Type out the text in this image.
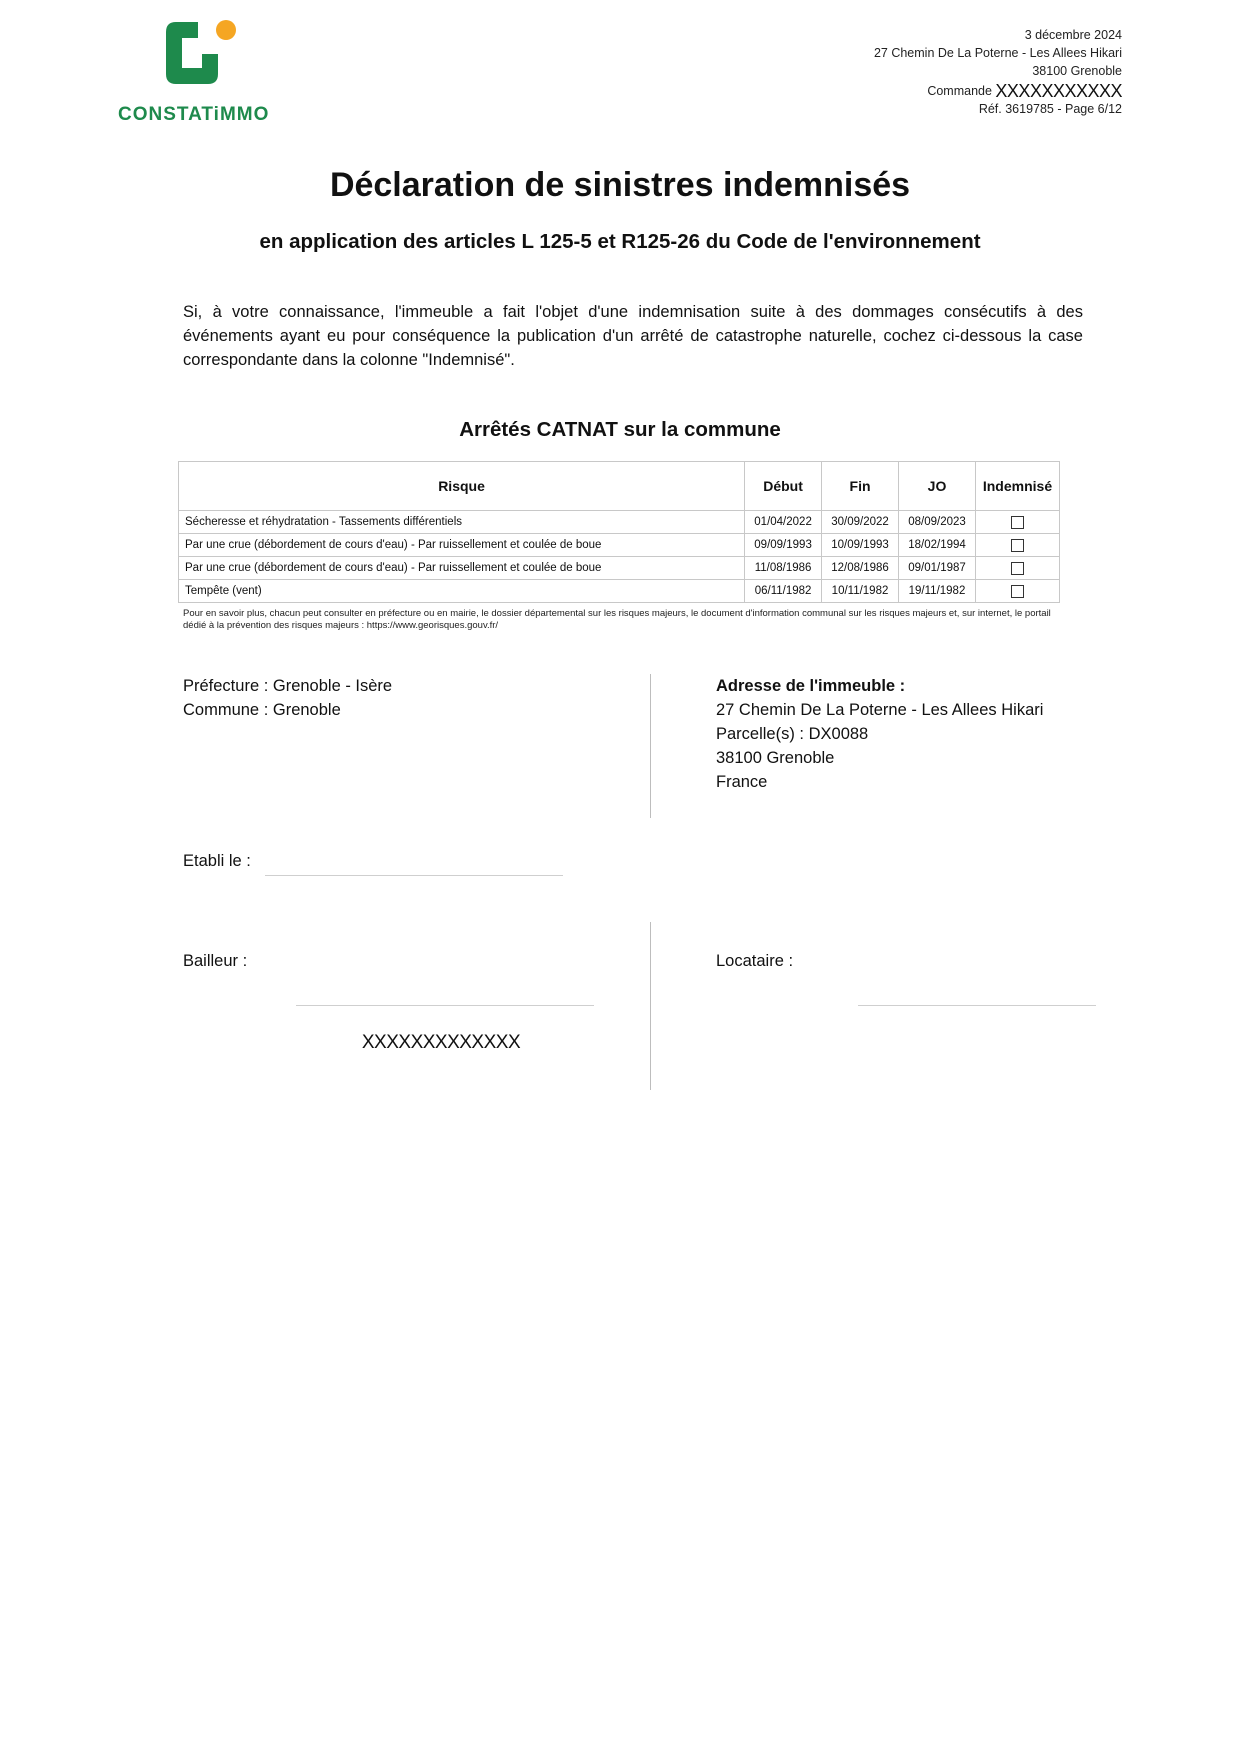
CONSTATiMMO
3 décembre 2024
27 Chemin De La Poterne - Les Allees Hikari
38100 Grenoble
Commande XXXXXXXXXXX
Réf. 3619785 - Page 6/12
Déclaration de sinistres indemnisés
en application des articles L 125-5 et R125-26 du Code de l'environnement
Si, à votre connaissance, l'immeuble a fait l'objet d'une indemnisation suite à des dommages consécutifs à des événements ayant eu pour conséquence la publication d'un arrêté de catastrophe naturelle, cochez ci-dessous la case correspondante dans la colonne "Indemnisé".
Arrêtés CATNAT sur la commune
Risque	Début	Fin	JO	Indemnisé
Sécheresse et réhydratation - Tassements différentiels	01/04/2022	30/09/2022	08/09/2023	
Par une crue (débordement de cours d'eau) - Par ruissellement et coulée de boue	09/09/1993	10/09/1993	18/02/1994	
Par une crue (débordement de cours d'eau) - Par ruissellement et coulée de boue	11/08/1986	12/08/1986	09/01/1987	
Tempête (vent)	06/11/1982	10/11/1982	19/11/1982	
Pour en savoir plus, chacun peut consulter en préfecture ou en mairie, le dossier départemental sur les risques majeurs, le document d'information communal sur les risques majeurs et, sur internet, le portail dédié à la prévention des risques majeurs : https://www.georisques.gouv.fr/
Préfecture : Grenoble - Isère
Commune : Grenoble
Adresse de l'immeuble :
27 Chemin De La Poterne - Les Allees Hikari
Parcelle(s) : DX0088
38100 Grenoble
France
Etabli le :
Bailleur :
XXXXXXXXXXXXX
Locataire :
